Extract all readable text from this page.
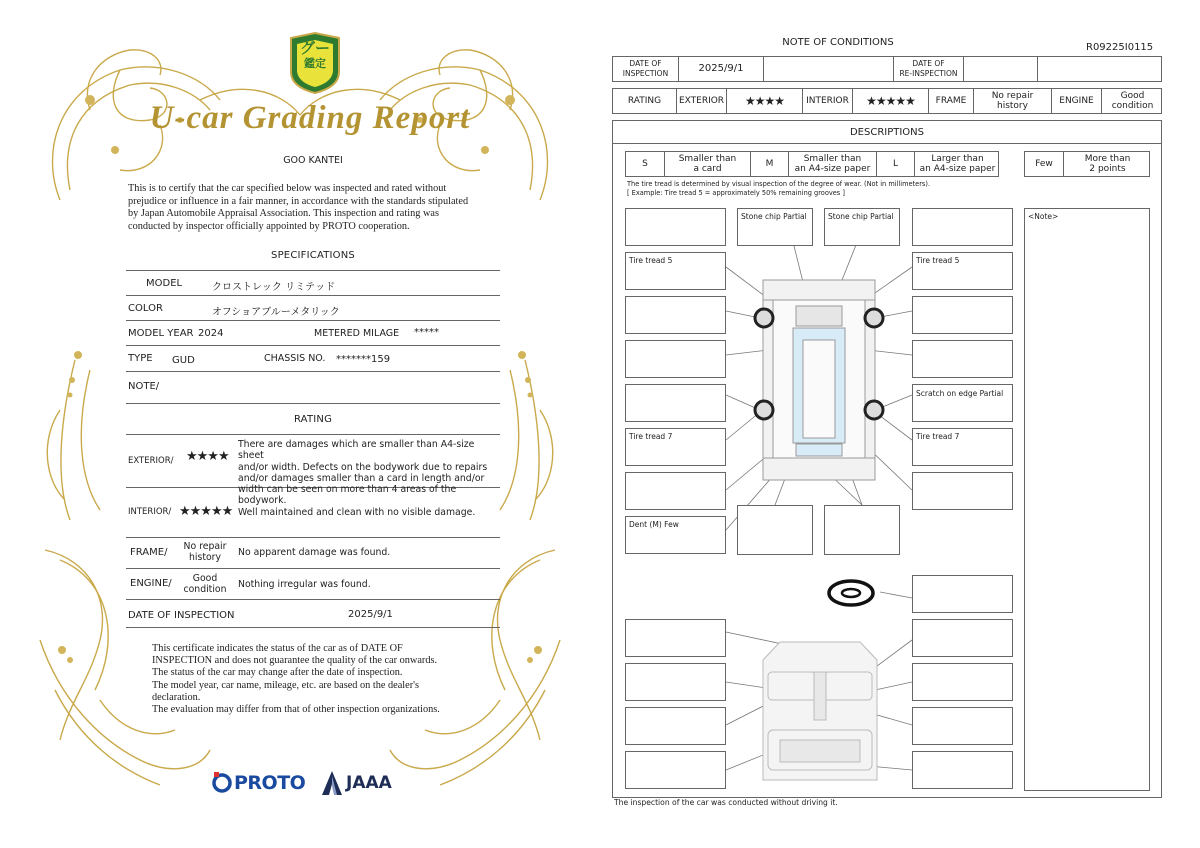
グー
鑑定
U-car Grading Report
GOO KANTEI
This is to certify that the car specified below was inspected and rated without
prejudice or influence in a fair manner, in accordance with the standards stipulated
by Japan Automobile Appraisal Association. This inspection and rating was
conducted by inspector officially appointed by PROTO cooperation.
SPECIFICATIONS
MODEL	クロストレック リミテッド
COLOR	オフショアブルーメタリック
MODEL YEAR 2024	METERED MILAGE *****
TYPE GUD	CHASSIS NO. *******159
NOTE/
RATING
EXTERIOR/ ★★★★
There are damages which are smaller than A4-size sheet
and/or width. Defects on the bodywork due to repairs
and/or damages smaller than a card in length and/or
width can be seen on more than 4 areas of the bodywork.
INTERIOR/ ★★★★★ Well maintained and clean with no visible damage.
FRAME/
No repair
history	No apparent damage was found.
ENGINE/	Good
condition	Nothing irregular was found.
DATE OF INSPECTION	2025/9/1
This certificate indicates the status of the car as of DATE OF
INSPECTION and does not guarantee the quality of the car onwards.
The status of the car may change after the date of inspection.
The model year, car name, mileage, etc. are based on the dealer's
declaration.
The evaluation may differ from that of other inspection organizations.
PROTO JAAA
NOTE OF CONDITIONS	R09225I0115
DATE OF
INSPECTION	2025/9/1	DATE OF
RE-INSPECTION
RATING	EXTERIOR	★★★★	INTERIOR	★★★★★	FRAME	No repair
history	ENGINE	Good
condition
DESCRIPTIONS
S	Smaller than
a card	M	Smaller than
an A4-size paper	L	Larger than
an A4-size paper	Few	More than
2 points
The tire tread is determined by visual inspection of the degree of wear. (Not in millimeters).
[ Example: Tire tread 5 = approximately 50% remaining grooves ]
Tire tread 5
Tire tread 7
Dent (M) Few
Stone chip Partial	Stone chip Partial
Tire tread 5
Scratch on edge Partial
Tire tread 7
<Note>
The inspection of the car was conducted without driving it.
